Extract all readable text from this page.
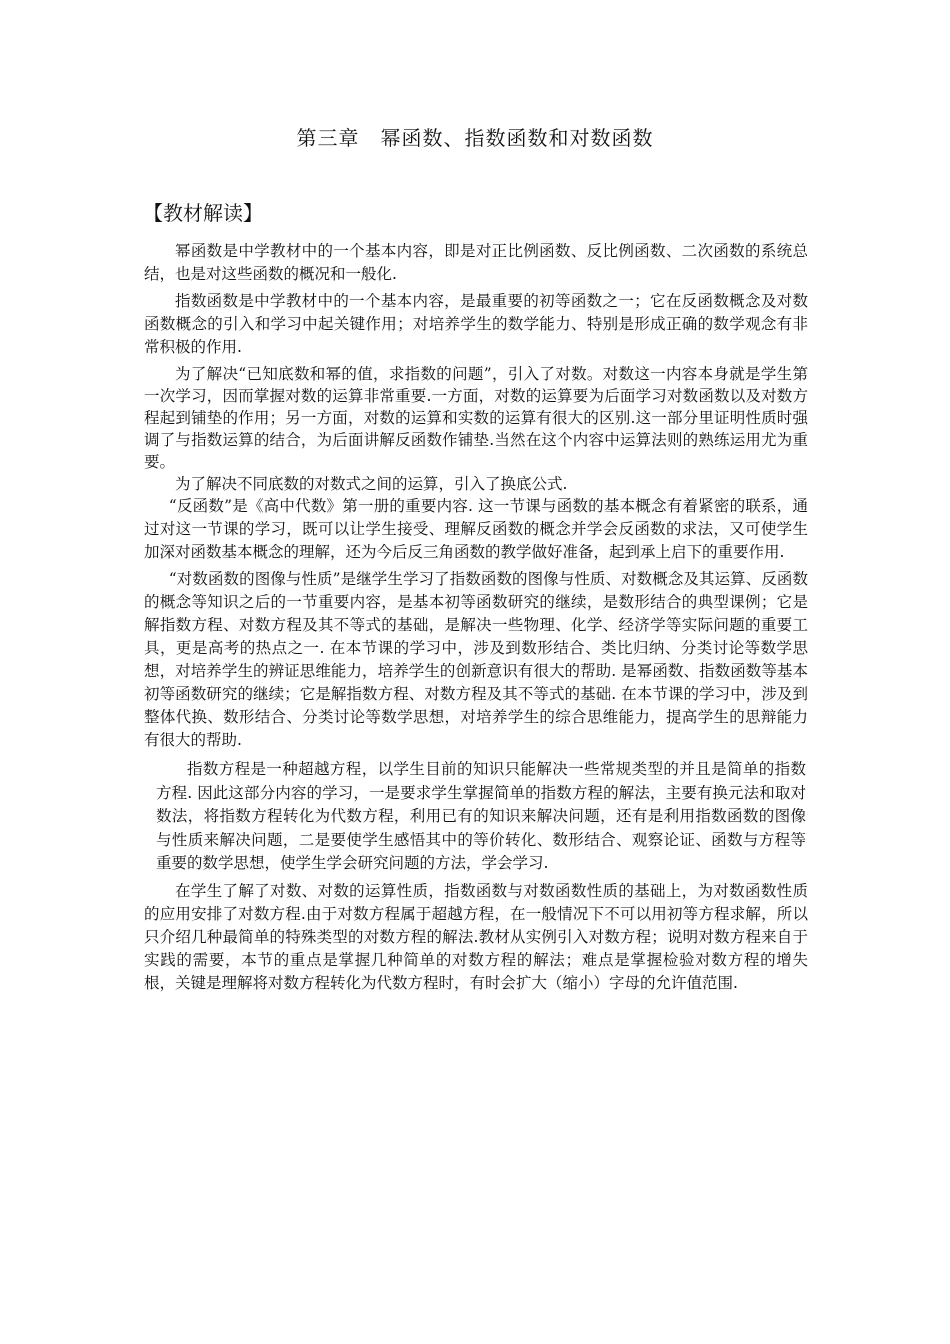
第三章　幂函数、指数函数和对数函数
【教材解读】

幂函数是中学教材中的一个基本内容，即是对正比例函数、反比例函数、二次函数的系统总结，也是对这些函数的概况和一般化.

指数函数是中学教材中的一个基本内容，是最重要的初等函数之一；它在反函数概念及对数函数概念的引入和学习中起关键作用；对培养学生的数学能力、特别是形成正确的数学观念有非常积极的作用.

为了解决“已知底数和幂的值，求指数的问题”，引入了对数。对数这一内容本身就是学生第一次学习，因而掌握对数的运算非常重要.一方面，对数的运算要为后面学习对数函数以及对数方程起到铺垫的作用；另一方面，对数的运算和实数的运算有很大的区别.这一部分里证明性质时强调了与指数运算的结合，为后面讲解反函数作铺垫.当然在这个内容中运算法则的熟练运用尤为重要。

为了解决不同底数的对数式之间的运算，引入了换底公式.

“反函数”是《高中代数》第一册的重要内容. 这一节课与函数的基本概念有着紧密的联系，通过对这一节课的学习，既可以让学生接受、理解反函数的概念并学会反函数的求法，又可使学生加深对函数基本概念的理解，还为今后反三角函数的教学做好准备，起到承上启下的重要作用.

“对数函数的图像与性质”是继学生学习了指数函数的图像与性质、对数概念及其运算、反函数的概念等知识之后的一节重要内容，是基本初等函数研究的继续，是数形结合的典型课例；它是解指数方程、对数方程及其不等式的基础，是解决一些物理、化学、经济学等实际问题的重要工具，更是高考的热点之一. 在本节课的学习中，涉及到数形结合、类比归纳、分类讨论等数学思想，对培养学生的辨证思维能力，培养学生的创新意识有很大的帮助. 是幂函数、指数函数等基本初等函数研究的继续；它是解指数方程、对数方程及其不等式的基础. 在本节课的学习中，涉及到整体代换、数形结合、分类讨论等数学思想，对培养学生的综合思维能力，提高学生的思辩能力有很大的帮助.

指数方程是一种超越方程，以学生目前的知识只能解决一些常规类型的并且是简单的指数方程. 因此这部分内容的学习，一是要求学生掌握简单的指数方程的解法，主要有换元法和取对数法，将指数方程转化为代数方程，利用已有的知识来解决问题，还有是利用指数函数的图像与性质来解决问题，二是要使学生感悟其中的等价转化、数形结合、观察论证、函数与方程等重要的数学思想，使学生学会研究问题的方法，学会学习.

在学生了解了对数、对数的运算性质，指数函数与对数函数性质的基础上，为对数函数性质的应用安排了对数方程.由于对数方程属于超越方程，在一般情况下不可以用初等方程求解，所以只介绍几种最简单的特殊类型的对数方程的解法.教材从实例引入对数方程；说明对数方程来自于实践的需要，本节的重点是掌握几种简单的对数方程的解法；难点是掌握检验对数方程的增失根，关键是理解将对数方程转化为代数方程时，有时会扩大（缩小）字母的允许值范围.
